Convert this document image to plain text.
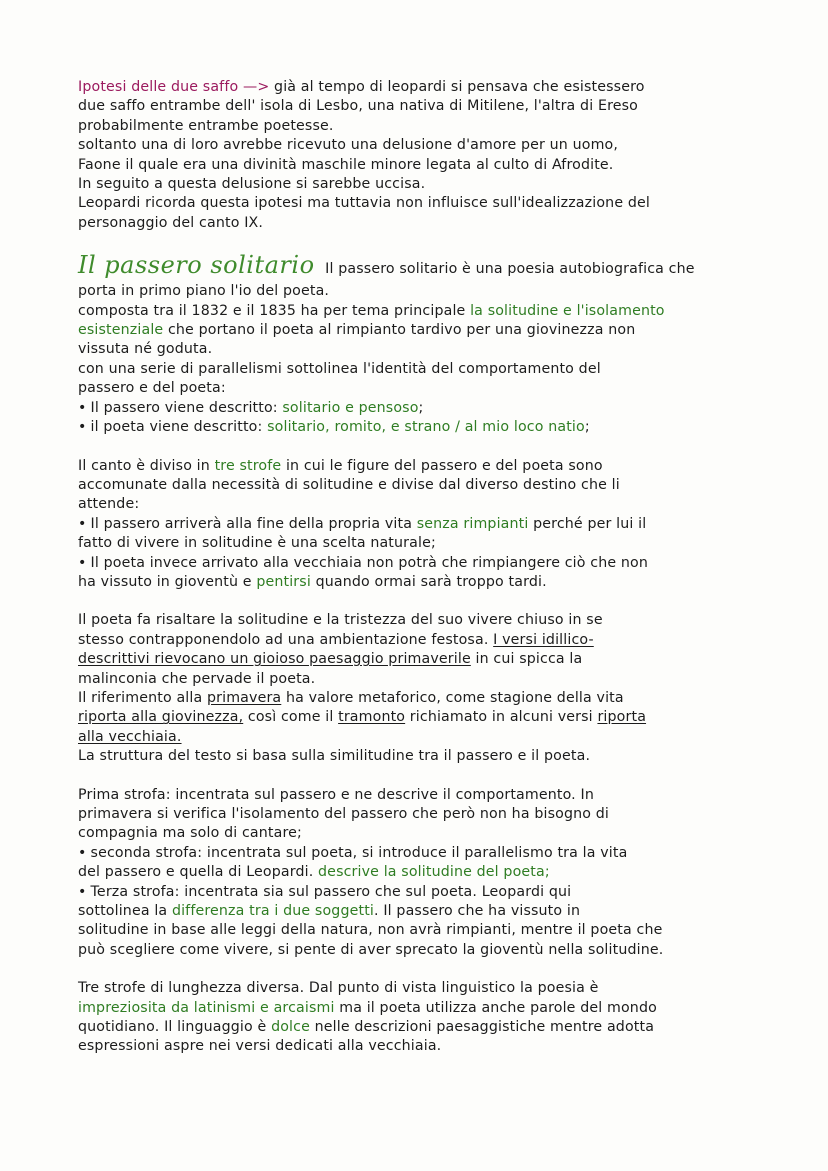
Ipotesi delle due saffo —> già al tempo di leopardi si pensava che esistessero
due saffo entrambe dell' isola di Lesbo, una nativa di Mitilene, l'altra di Ereso
probabilmente entrambe poetesse.
soltanto una di loro avrebbe ricevuto una delusione d'amore per un uomo,
Faone il quale era una divinità maschile minore legata al culto di Afrodite.
In seguito a questa delusione si sarebbe uccisa.
Leopardi ricorda questa ipotesi ma tuttavia non influisce sull'idealizzazione del
personaggio del canto IX.
Il passero solitario Il passero solitario è una poesia autobiografica che
porta in primo piano l'io del poeta.
composta tra il 1832 e il 1835 ha per tema principale la solitudine e l'isolamento
esistenziale che portano il poeta al rimpianto tardivo per una giovinezza non
vissuta né goduta.
con una serie di parallelismi sottolinea l'identità del comportamento del
passero e del poeta:
• Il passero viene descritto: solitario e pensoso;
• il poeta viene descritto: solitario, romito, e strano / al mio loco natio;
Il canto è diviso in tre strofe in cui le figure del passero e del poeta sono
accomunate dalla necessità di solitudine e divise dal diverso destino che li
attende:
• Il passero arriverà alla fine della propria vita senza rimpianti perché per lui il
fatto di vivere in solitudine è una scelta naturale;
• Il poeta invece arrivato alla vecchiaia non potrà che rimpiangere ciò che non
ha vissuto in gioventù e pentirsi quando ormai sarà troppo tardi.
Il poeta fa risaltare la solitudine e la tristezza del suo vivere chiuso in se
stesso contrapponendolo ad una ambientazione festosa. I versi idillico-
descrittivi rievocano un gioioso paesaggio primaverile in cui spicca la
malinconia che pervade il poeta.
Il riferimento alla primavera ha valore metaforico, come stagione della vita
riporta alla giovinezza, così come il tramonto richiamato in alcuni versi riporta
alla vecchiaia.
La struttura del testo si basa sulla similitudine tra il passero e il poeta.
Prima strofa: incentrata sul passero e ne descrive il comportamento. In
primavera si verifica l'isolamento del passero che però non ha bisogno di
compagnia ma solo di cantare;
• seconda strofa: incentrata sul poeta, si introduce il parallelismo tra la vita
del passero e quella di Leopardi. descrive la solitudine del poeta;
• Terza strofa: incentrata sia sul passero che sul poeta. Leopardi qui
sottolinea la differenza tra i due soggetti. Il passero che ha vissuto in
solitudine in base alle leggi della natura, non avrà rimpianti, mentre il poeta che
può scegliere come vivere, si pente di aver sprecato la gioventù nella solitudine.
Tre strofe di lunghezza diversa. Dal punto di vista linguistico la poesia è
impreziosita da latinismi e arcaismi ma il poeta utilizza anche parole del mondo
quotidiano. Il linguaggio è dolce nelle descrizioni paesaggistiche mentre adotta
espressioni aspre nei versi dedicati alla vecchiaia.
